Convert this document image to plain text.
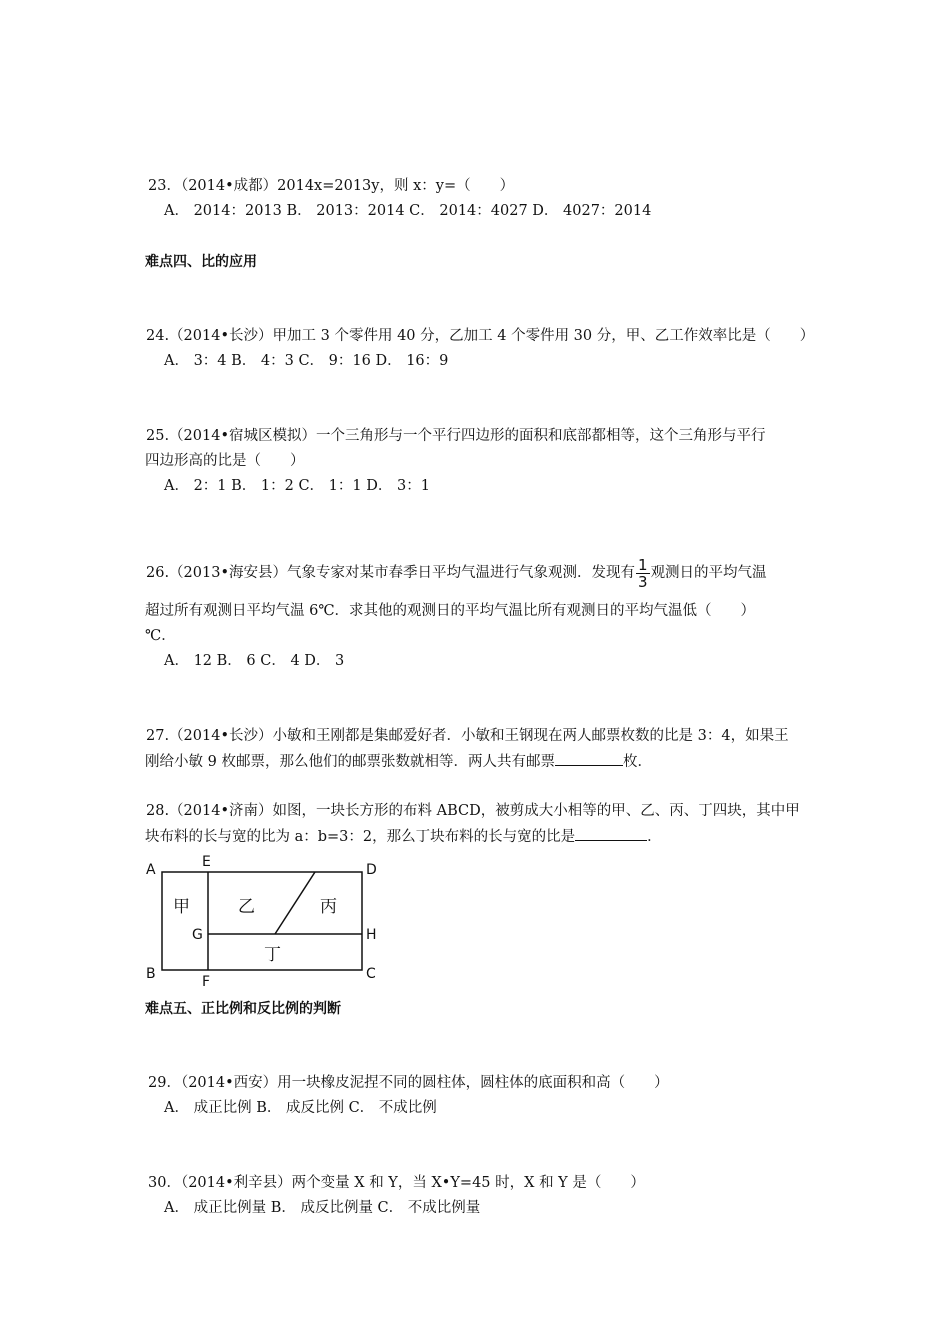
23．（2014•成都）2014x=2013y，则 x：y=（　　）
A． 2014：2013 B． 2013：2014 C． 2014：4027 D． 4027：2014
难点四、比的应用
24.（2014•长沙）甲加工 3 个零件用 40 分，乙加工 4 个零件用 30 分，甲、乙工作效率比是（　　）
A． 3：4 B． 4：3 C． 9：16 D． 16：9
25.（2014•宿城区模拟）一个三角形与一个平行四边形的面积和底部都相等，这个三角形与平行
四边形高的比是（　　）
A． 2：1 B． 1：2 C． 1：1 D． 3：1
26.（2013•海安县）气象专家对某市春季日平均气温进行气象观测．发现有 $\frac{1}{3}$ 观测日的平均气温
超过所有观测日平均气温 6℃．求其他的观测日的平均气温比所有观测日的平均气温低（　　）
℃．
A． 12 B． 6 C． 4 D． 3
27.（2014•长沙）小敏和王刚都是集邮爱好者．小敏和王钢现在两人邮票枚数的比是 3：4，如果王
刚给小敏 9 枚邮票，那么他们的邮票张数就相等．两人共有邮票	枚．
28.（2014•济南）如图，一块长方形的布料 ABCD，被剪成大小相等的甲、乙、丙、丁四块，其中甲
块布料的长与宽的比为 a：b=3：2，那么丁块布料的长与宽的比是	．
A	E	D
G	H
B	F	C
甲	乙	丙
丁
难点五、正比例和反比例的判断
29．（2014•西安）用一块橡皮泥捏不同的圆柱体，圆柱体的底面积和高（　　）
A． 成正比例 B． 成反比例 C． 不成比例
30．（2014•利辛县）两个变量 X 和 Y，当 X•Y=45 时，X 和 Y 是（　　）
A． 成正比例量 B． 成反比例量 C． 不成比例量
